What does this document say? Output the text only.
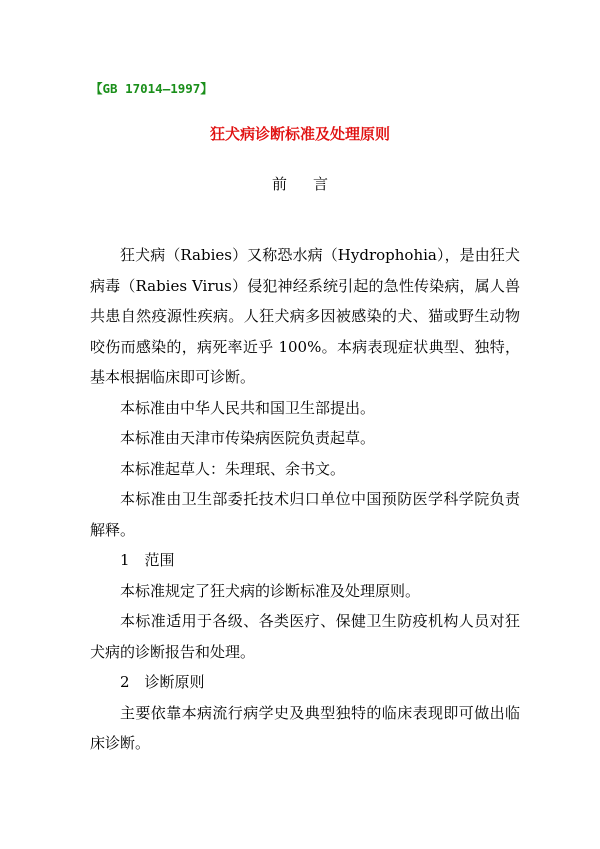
【GB 17014—1997】
狂犬病诊断标准及处理原则
前言

狂犬病（Rabies）又称恐水病（Hydrophohia），是由狂犬病毒（Rabies Virus）侵犯神经系统引起的急性传染病，属人兽共患自然疫源性疾病。人狂犬病多因被感染的犬、猫或野生动物咬伤而感染的，病死率近乎 100%。本病表现症状典型、独特，基本根据临床即可诊断。

本标准由中华人民共和国卫生部提出。

本标准由天津市传染病医院负责起草。

本标准起草人：朱理珉、余书文。

本标准由卫生部委托技术归口单位中国预防医学科学院负责解释。

1　范围

本标准规定了狂犬病的诊断标准及处理原则。

本标准适用于各级、各类医疗、保健卫生防疫机构人员对狂犬病的诊断报告和处理。

2　诊断原则

主要依靠本病流行病学史及典型独特的临床表现即可做出临床诊断。
